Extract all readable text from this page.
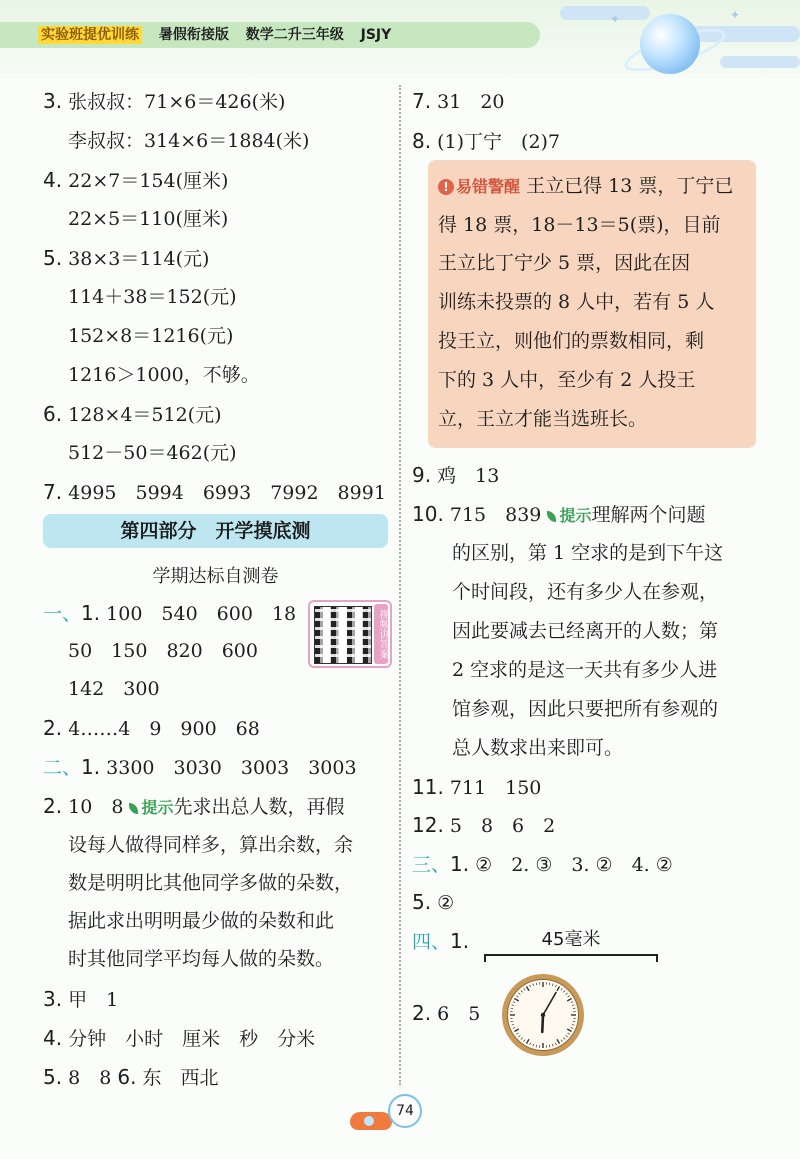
实验班提优训练 暑假衔接版 数学二升三年级 JSJY
✦	✦
3. 张叔叔：71×6＝426(米)
李叔叔：314×6＝1884(米)
4. 22×7＝154(厘米)
22×5＝110(厘米)
5. 38×3＝114(元)
114＋38＝152(元)
152×8＝1216(元)
1216＞1000，不够。
6. 128×4＝512(元)
512－50＝462(元)
7. 4995　5994　6993　7992　8991
第四部分　开学摸底测
学期达标自测卷
视频讲答案
一、1. 100　540　600　18
50　150　820　600
142　300
2. 4……4　9　900　68
二、1. 3300　3030　3003　3003
2. 10　8 提示先求出总人数，再假
设每人做得同样多，算出余数，余
数是明明比其他同学多做的朵数，
据此求出明明最少做的朵数和此
时其他同学平均每人做的朵数。
3. 甲　1
4. 分钟　小时　厘米　秒　分米
5. 8　8 6. 东　西北
7. 31　20
8. (1)丁宁　(2)7
! 易错警醒 王立已得 13 票，丁宁已
得 18 票，18－13＝5(票)，目前
王立比丁宁少 5 票，因此在因
训练未投票的 8 人中，若有 5 人
投王立，则他们的票数相同，剩
下的 3 人中，至少有 2 人投王
立，王立才能当选班长。
9. 鸡　13
10. 715　839 提示理解两个问题
的区别，第 1 空求的是到下午这
个时间段，还有多少人在参观，
因此要减去已经离开的人数；第
2 空求的是这一天共有多少人进
馆参观，因此只要把所有参观的
总人数求出来即可。
11. 711　150
12. 5　8　6　2
三、1. ②　2. ③　3. ②　4. ②
5. ②
四、1.	45毫米
2. 6　5
74
